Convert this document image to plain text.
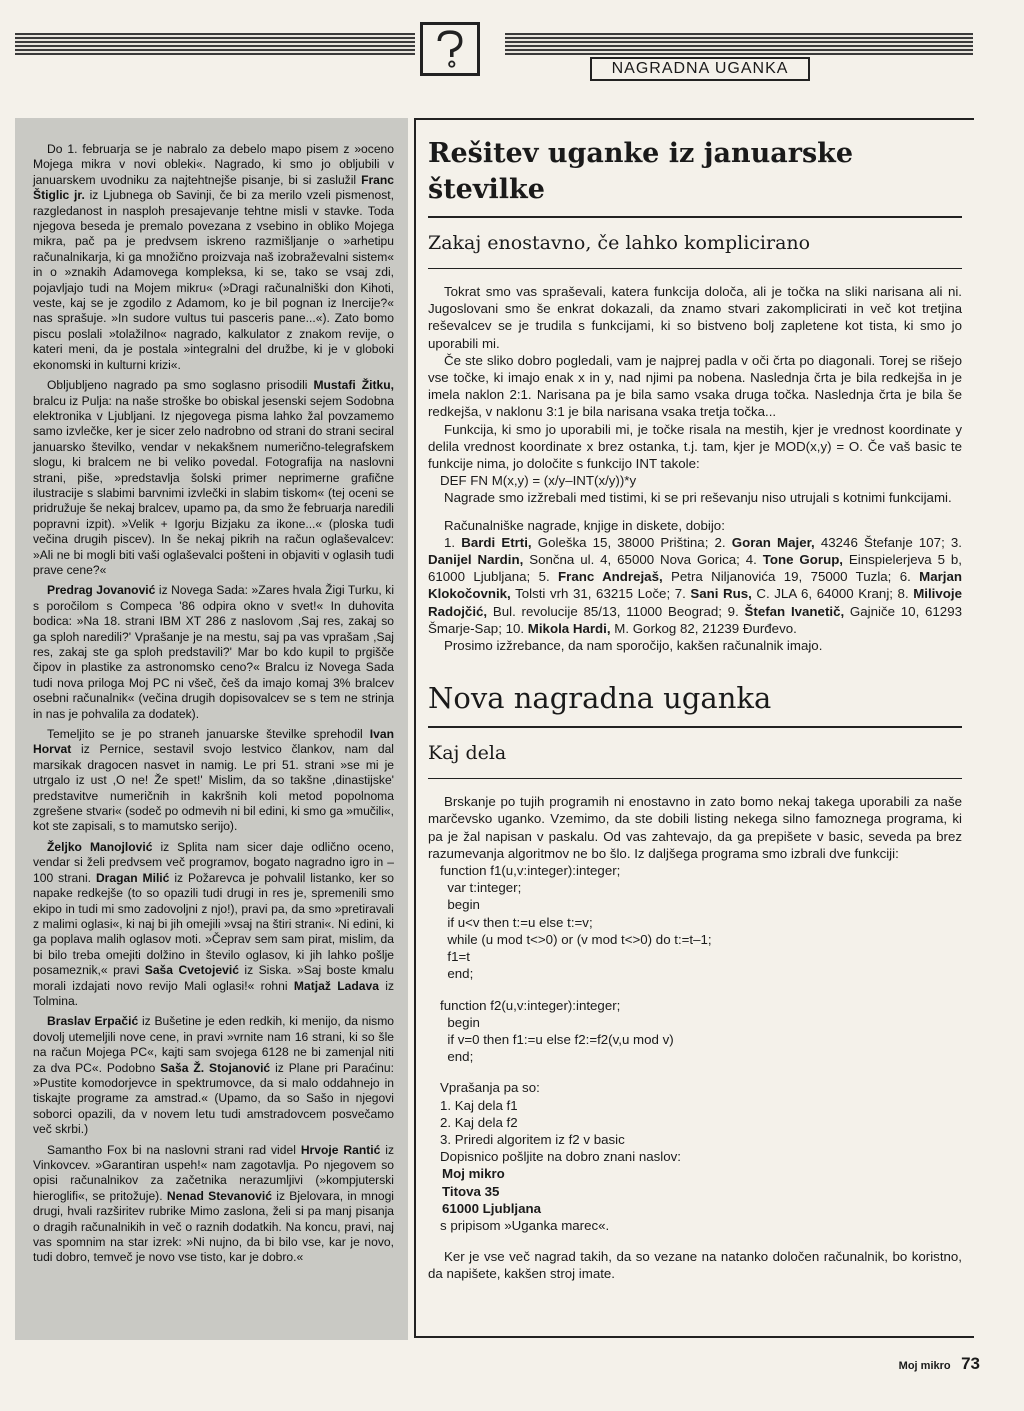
NAGRADNA UGANKA

Do 1. februarja se je nabralo za debelo mapo pisem z »oceno Mojega mikra v novi obleki«. Nagrado, ki smo jo obljubili v januarskem uvodniku za najtehtnejše pisanje, bi si zaslužil Franc Štiglic jr. iz Ljubnega ob Savinji, če bi za merilo vzeli pismenost, razgledanost in nasploh presajevanje tehtne misli v stavke. Toda njegova beseda je premalo povezana z vsebino in obliko Mojega mikra, pač pa je predvsem iskreno razmišljanje o »arhetipu računalnikarja, ki ga množično proizvaja naš izobraževalni sistem« in o »znakih Adamovega kompleksa, ki se, tako se vsaj zdi, pojavljajo tudi na Mojem mikru« (»Dragi računalniški don Kihoti, veste, kaj se je zgodilo z Adamom, ko je bil pognan iz Inercije?« nas sprašuje. »In sudore vultus tui pasceris pane...«). Zato bomo piscu poslali »tolažilno« nagrado, kalkulator z znakom revije, o kateri meni, da je postala »integralni del družbe, ki je v globoki ekonomski in kulturni krizi«.

Obljubljeno nagrado pa smo soglasno prisodili Mustafi Žitku, bralcu iz Pulja: na naše stroške bo obiskal jesenski sejem Sodobna elektronika v Ljubljani. Iz njegovega pisma lahko žal povzamemo samo izvlečke, ker je sicer zelo nadrobno od strani do strani seciral januarsko številko, vendar v nekakšnem numerično-telegrafskem slogu, ki bralcem ne bi veliko povedal. Fotografija na naslovni strani, piše, »predstavlja šolski primer neprimerne grafične ilustracije s slabimi barvnimi izvlečki in slabim tiskom« (tej oceni se pridružuje še nekaj bralcev, upamo pa, da smo že februarja naredili popravni izpit). »Velik + Igorju Bizjaku za ikone...« (ploska tudi večina drugih piscev). In še nekaj pikrih na račun oglaševalcev: »Ali ne bi mogli biti vaši oglaševalci pošteni in objaviti v oglasih tudi prave cene?«

Predrag Jovanović iz Novega Sada: »Zares hvala Žigi Turku, ki s poročilom s Compeca '86 odpira okno v svet!« In duhovita bodica: »Na 18. strani IBM XT 286 z naslovom ,Saj res, zakaj so ga sploh naredili?' Vprašanje je na mestu, saj pa vas vprašam ,Saj res, zakaj ste ga sploh predstavili?' Mar bo kdo kupil to prgišče čipov in plastike za astronomsko ceno?« Bralcu iz Novega Sada tudi nova priloga Moj PC ni všeč, češ da imajo komaj 3% bralcev osebni računalnik« (večina drugih dopisovalcev se s tem ne strinja in nas je pohvalila za dodatek).

Temeljito se je po straneh januarske številke sprehodil Ivan Horvat iz Pernice, sestavil svojo lestvico člankov, nam dal marsikak dragocen nasvet in namig. Le pri 51. strani »se mi je utrgalo iz ust ,O ne! Že spet!' Mislim, da so takšne ,dinastijske' predstavitve numeričnih in kakršnih koli metod popolnoma zgrešene stvari« (sodeč po odmevih ni bil edini, ki smo ga »mučili«, kot ste zapisali, s to mamutsko serijo).

Željko Manojlović iz Splita nam sicer daje odlično oceno, vendar si želi predvsem več programov, bogato nagradno igro in – 100 strani. Dragan Milić iz Požarevca je pohvalil listanko, ker so napake redkejše (to so opazili tudi drugi in res je, spremenili smo ekipo in tudi mi smo zadovoljni z njo!), pravi pa, da smo »pretiravali z malimi oglasi«, ki naj bi jih omejili »vsaj na štiri strani«. Ni edini, ki ga poplava malih oglasov moti. »Čeprav sem sam pirat, mislim, da bi bilo treba omejiti dolžino in število oglasov, ki jih lahko pošlje posameznik,« pravi Saša Cvetojević iz Siska. »Saj boste kmalu morali izdajati novo revijo Mali oglasi!« rohni Matjaž Ladava iz Tolmina.

Braslav Erpačić iz Bušetine je eden redkih, ki menijo, da nismo dovolj utemeljili nove cene, in pravi »vrnite nam 16 strani, ki so šle na račun Mojega PC«, kajti sam svojega 6128 ne bi zamenjal niti za dva PC«. Podobno Saša Ž. Stojanović iz Plane pri Paraćinu: »Pustite komodorjevce in spektrumovce, da si malo oddahnejo in tiskajte programe za amstrad.« (Upamo, da so Sašo in njegovi soborci opazili, da v novem letu tudi amstradovcem posvečamo več skrbi.)

Samantho Fox bi na naslovni strani rad videl Hrvoje Rantić iz Vinkovcev. »Garantiran uspeh!« nam zagotavlja. Po njegovem so opisi računalnikov za začetnika nerazumljivi (»kompjuterski hieroglifi«, se pritožuje). Nenad Stevanović iz Bjelovara, in mnogi drugi, hvali razširitev rubrike Mimo zaslona, želi si pa manj pisanja o dragih računalnikih in več o raznih dodatkih. Na koncu, pravi, naj vas spomnim na star izrek: »Ni nujno, da bi bilo vse, kar je novo, tudi dobro, temveč je novo vse tisto, kar je dobro.«

Rešitev uganke iz januarske številke
Zakaj enostavno, če lahko komplicirano

Tokrat smo vas spraševali, katera funkcija določa, ali je točka na sliki narisana ali ni. Jugoslovani smo še enkrat dokazali, da znamo stvari zakomplicirati in več kot tretjina reševalcev se je trudila s funkcijami, ki so bistveno bolj zapletene kot tista, ki smo jo uporabili mi.

Če ste sliko dobro pogledali, vam je najprej padla v oči črta po diagonali. Torej se rišejo vse točke, ki imajo enak x in y, nad njimi pa nobena. Naslednja črta je bila redkejša in je imela naklon 2:1. Narisana pa je bila samo vsaka druga točka. Naslednja črta je bila še redkejša, v naklonu 3:1 je bila narisana vsaka tretja točka...

Funkcija, ki smo jo uporabili mi, je točke risala na mestih, kjer je vrednost koordinate y delila vrednost koordinate x brez ostanka, t.j. tam, kjer je MOD(x,y) = O. Če vaš basic te funkcije nima, jo določite s funkcijo INT takole:

DEF FN M(x,y) = (x/y–INT(x/y))*y

Nagrade smo izžrebali med tistimi, ki se pri reševanju niso utrujali s kotnimi funkcijami.

Računalniške nagrade, knjige in diskete, dobijo:

1. Bardi Etrti, Goleška 15, 38000 Priština; 2. Goran Majer, 43246 Štefanje 107; 3. Danijel Nardin, Sončna ul. 4, 65000 Nova Gorica; 4. Tone Gorup, Einspielerjeva 5 b, 61000 Ljubljana; 5. Franc Andrejaš, Petra Niljanovića 19, 75000 Tuzla; 6. Marjan Klokočovnik, Tolsti vrh 31, 63215 Loče; 7. Sani Rus, C. JLA 6, 64000 Kranj; 8. Milivoje Radojčić, Bul. revolucije 85/13, 11000 Beograd; 9. Štefan Ivanetič, Gajniče 10, 61293 Šmarje-Sap; 10. Mikola Hardi, M. Gorkog 82, 21239 Đurđevo.

Prosimo izžrebance, da nam sporočijo, kakšen računalnik imajo.

Nova nagradna uganka
Kaj dela

Brskanje po tujih programih ni enostavno in zato bomo nekaj takega uporabili za naše marčevsko uganko. Vzemimo, da ste dobili listing nekega silno famoznega programa, ki pa je žal napisan v paskalu. Od vas zahtevajo, da ga prepišete v basic, seveda pa brez razumevanja algoritmov ne bo šlo. Iz daljšega programa smo izbrali dve funkciji:

function f1(u,v:integer):integer;

var t:integer;

begin

if u<v then t:=u else t:=v;

while (u mod t<>0) or (v mod t<>0) do t:=t–1;

f1=t

end;

function f2(u,v:integer):integer;

begin

if v=0 then f1:=u else f2:=f2(v,u mod v)

end;

Vprašanja pa so:

1. Kaj dela f1

2. Kaj dela f2

3. Priredi algoritem iz f2 v basic

Dopisnico pošljite na dobro znani naslov:

Moj mikro

Titova 35

61000 Ljubljana

s pripisom »Uganka marec«.

Ker je vse več nagrad takih, da so vezane na natanko določen računalnik, bo koristno, da napišete, kakšen stroj imate.

Moj mikro 73
